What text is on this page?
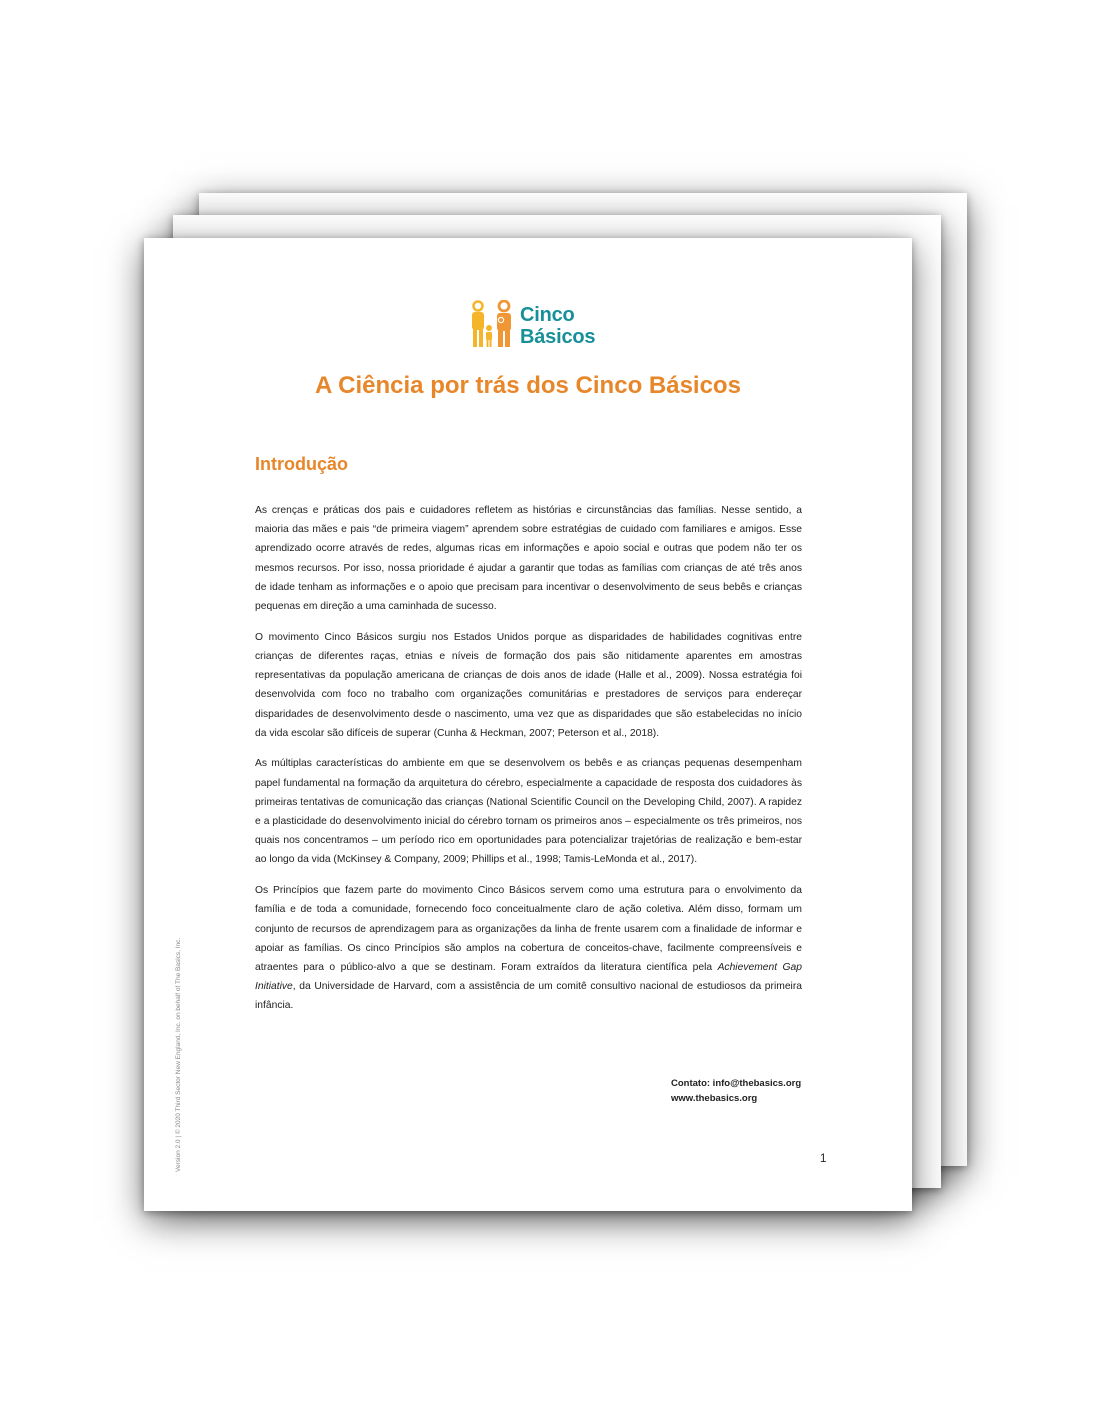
Cinco
Básicos
A Ciência por trás dos Cinco Básicos
Introdução

As crenças e práticas dos pais e cuidadores refletem as histórias e circunstâncias das famílias. Nesse sentido, a maioria das mães e pais “de primeira viagem” aprendem sobre estratégias de cuidado com familiares e amigos. Esse aprendizado ocorre através de redes, algumas ricas em informações e apoio social e outras que podem não ter os mesmos recursos. Por isso, nossa prioridade é ajudar a garantir que todas as famílias com crianças de até três anos de idade tenham as informações e o apoio que precisam para incentivar o desenvolvimento de seus bebês e crianças pequenas em direção a uma caminhada de sucesso.

O movimento Cinco Básicos surgiu nos Estados Unidos porque as disparidades de habilidades cognitivas entre crianças de diferentes raças, etnias e níveis de formação dos pais são nitidamente aparentes em amostras representativas da população americana de crianças de dois anos de idade (Halle et al., 2009). Nossa estratégia foi desenvolvida com foco no trabalho com organizações comunitárias e prestadores de serviços para endereçar disparidades de desenvolvimento desde o nascimento, uma vez que as disparidades que são estabelecidas no início da vida escolar são difíceis de superar (Cunha & Heckman, 2007; Peterson et al., 2018).

As múltiplas características do ambiente em que se desenvolvem os bebês e as crianças pequenas desempenham papel fundamental na formação da arquitetura do cérebro, especialmente a capacidade de resposta dos cuidadores às primeiras tentativas de comunicação das crianças (National Scientific Council on the Developing Child, 2007). A rapidez e a plasticidade do desenvolvimento inicial do cérebro tornam os primeiros anos – especialmente os três primeiros, nos quais nos concentramos – um período rico em oportunidades para potencializar trajetórias de realização e bem-estar ao longo da vida (McKinsey & Company, 2009; Phillips et al., 1998; Tamis-LeMonda et al., 2017).

Os Princípios que fazem parte do movimento Cinco Básicos servem como uma estrutura para o envolvimento da família e de toda a comunidade, fornecendo foco conceitualmente claro de ação coletiva. Além disso, formam um conjunto de recursos de aprendizagem para as organizações da linha de frente usarem com a finalidade de informar e apoiar as famílias. Os cinco Princípios são amplos na cobertura de conceitos-chave, facilmente compreensíveis e atraentes para o público-alvo a que se destinam. Foram extraídos da literatura científica pela Achievement Gap Initiative, da Universidade de Harvard, com a assistência de um comitê consultivo nacional de estudiosos da primeira infância.

Contato: info@thebasics.org
www.thebasics.org
1
Version 2.0 | © 2020 Third Sector New England, Inc. on behalf of The Basics, Inc.
